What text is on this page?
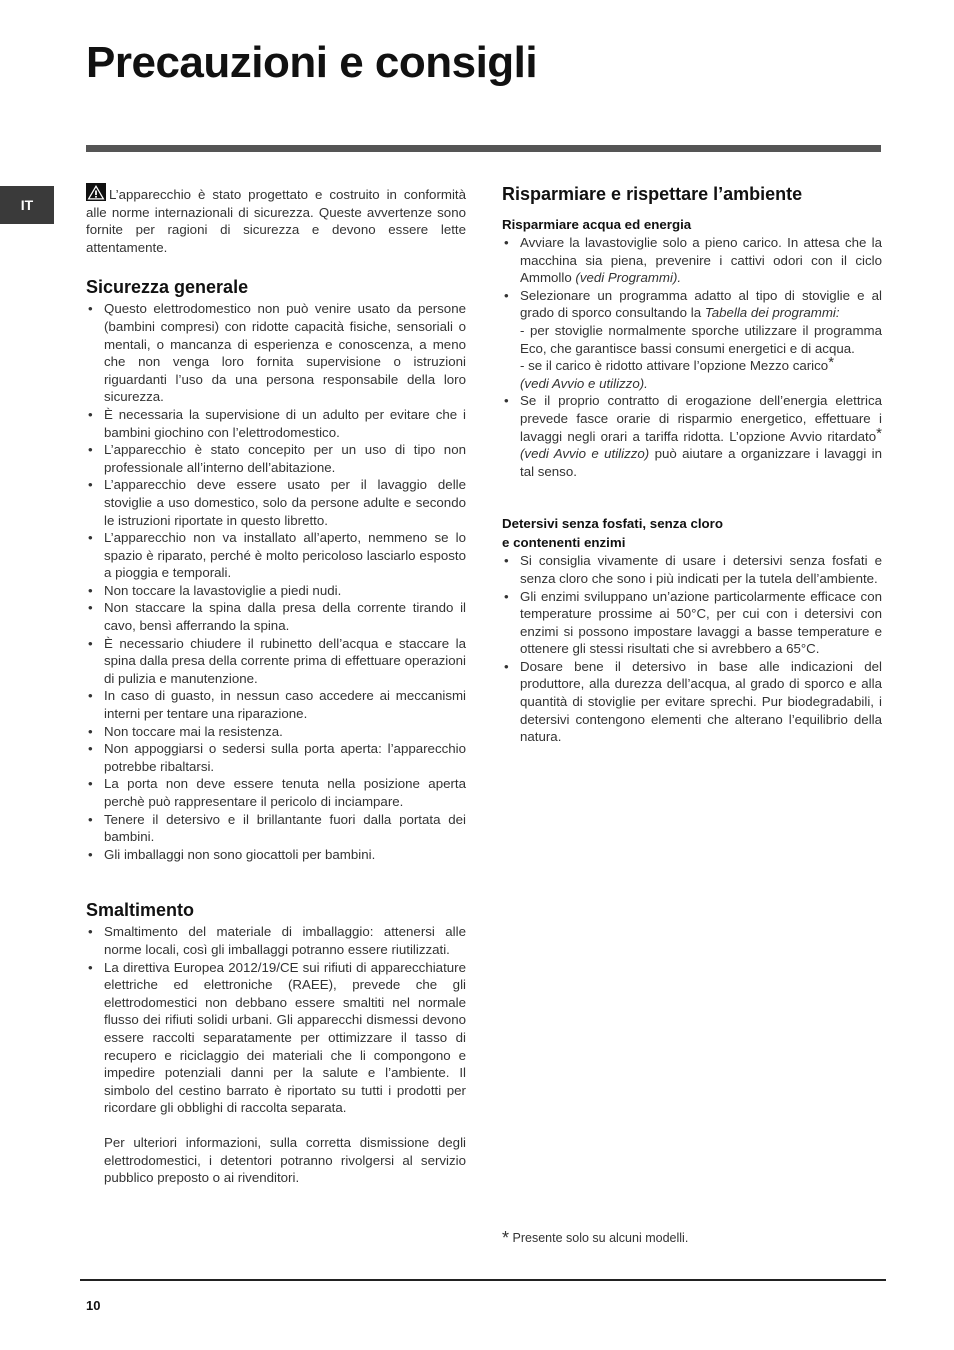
Precauzioni e consigli
IT

L’apparecchio è stato progettato e costruito in conformità alle norme internazionali di sicurezza. Queste avvertenze sono fornite per ragioni di sicurezza e devono essere lette attentamente.

Sicurezza generale
• Questo elettrodomestico non può venire usato da persone (bambini compresi) con ridotte capacità fisiche, sensoriali o mentali, o mancanza di esperienza e conoscenza, a meno che non venga loro fornita supervisione o istruzioni riguardanti l’uso da una persona responsabile della loro sicurezza.
• È necessaria la supervisione di un adulto per evitare che i bambini giochino con l’elettrodomestico.
• L’apparecchio è stato concepito per un uso di tipo non professionale all’interno dell’abitazione.
• L’apparecchio deve essere usato per il lavaggio delle stoviglie a uso domestico, solo da persone adulte e secondo le istruzioni riportate in questo libretto.
• L’apparecchio non va installato all’aperto, nemmeno se lo spazio è riparato, perché è molto pericoloso lasciarlo esposto a pioggia e temporali.
• Non toccare la lavastoviglie a piedi nudi.
• Non staccare la spina dalla presa della corrente tirando il cavo, bensì afferrando la spina.
• È necessario chiudere il rubinetto dell’acqua e staccare la spina dalla presa della corrente prima di effettuare operazioni di pulizia e manutenzione.
• In caso di guasto, in nessun caso accedere ai meccanismi interni per tentare una riparazione.
• Non toccare mai la resistenza.
• Non appoggiarsi o sedersi sulla porta aperta: l’apparecchio potrebbe ribaltarsi.
• La porta non deve essere tenuta nella posizione aperta perchè può rappresentare il pericolo di inciampare.
• Tenere il detersivo e il brillantante fuori dalla portata dei bambini.
• Gli imballaggi non sono giocattoli per bambini.
Smaltimento
• Smaltimento del materiale di imballaggio: attenersi alle norme locali, così gli imballaggi potranno essere riutilizzati.
• La direttiva Europea 2012/19/CE sui rifiuti di apparecchiature elettriche ed elettroniche (RAEE), prevede che gli elettrodomestici non debbano essere smaltiti nel normale flusso dei rifiuti solidi urbani. Gli apparecchi dismessi devono essere raccolti separatamente per ottimizzare il tasso di recupero e riciclaggio dei materiali che li compongono e impedire potenziali danni per la salute e l’ambiente. Il simbolo del cestino barrato è riportato su tutti i prodotti per ricordare gli obblighi di raccolta separata.

Per ulteriori informazioni, sulla corretta dismissione degli elettrodomestici, i detentori potranno rivolgersi al servizio pubblico preposto o ai rivenditori.

Risparmiare e rispettare l’ambiente
Risparmiare acqua ed energia
• Avviare la lavastoviglie solo a pieno carico. In attesa che la macchina sia piena, prevenire i cattivi odori con il ciclo Ammollo (vedi Programmi).
• Selezionare un programma adatto al tipo di stoviglie e al grado di sporco consultando la Tabella dei programmi:
- per stoviglie normalmente sporche utilizzare il programma Eco, che garantisce bassi consumi energetici e di acqua.
- se il carico è ridotto attivare l’opzione Mezzo carico*
(vedi Avvio e utilizzo).
• Se il proprio contratto di erogazione dell’energia elettrica prevede fasce orarie di risparmio energetico, effettuare i lavaggi negli orari a tariffa ridotta. L’opzione Avvio ritardato* (vedi Avvio e utilizzo) può aiutare a organizzare i lavaggi in tal senso.
Detersivi senza fosfati, senza cloro
e contenenti enzimi
• Si consiglia vivamente di usare i detersivi senza fosfati e senza cloro che sono i più indicati per la tutela dell’ambiente.
• Gli enzimi sviluppano un’azione particolarmente efficace con temperature prossime ai 50°C, per cui con i detersivi con enzimi si possono impostare lavaggi a basse temperature e ottenere gli stessi risultati che si avrebbero a 65°C.
• Dosare bene il detersivo in base alle indicazioni del produttore, alla durezza dell’acqua, al grado di sporco e alla quantità di stoviglie per evitare sprechi. Pur biodegradabili, i detersivi contengono elementi che alterano l’equilibrio della natura.
* Presente solo su alcuni modelli.
10
